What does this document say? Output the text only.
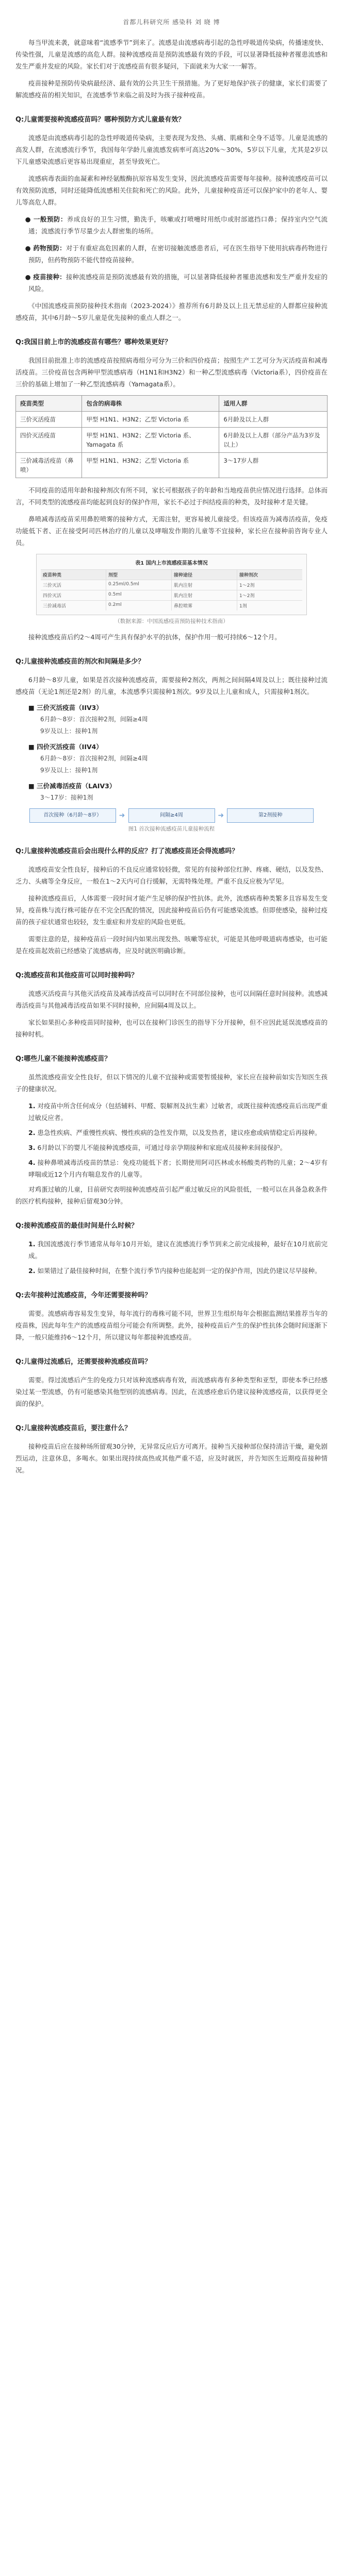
首都儿科研究所 感染科 刘 晓 博

每当甲流来袭，就意味着“流感季节”到来了。流感是由流感病毒引起的急性呼吸道传染病，传播速度快、传染性强，儿童是流感的高危人群。接种流感疫苗是预防流感最有效的手段，可以显著降低接种者罹患流感和发生严重并发症的风险。家长们对于流感疫苗有很多疑问，下面就来为大家一一解答。

疫苗接种是预防传染病最经济、最有效的公共卫生干预措施。为了更好地保护孩子的健康，家长们需要了解流感疫苗的相关知识，在流感季节来临之前及时为孩子接种疫苗。

Q:儿童需要接种流感疫苗吗？哪种预防方式儿童最有效？

流感是由流感病毒引起的急性呼吸道传染病，主要表现为发热、头痛、肌痛和全身不适等。儿童是流感的高发人群，在流感流行季节，我国每年学龄儿童流感发病率可高达20%～30%，5岁以下儿童，尤其是2岁以下儿童感染流感后更容易出现重症，甚至导致死亡。

流感病毒表面的血凝素和神经氨酸酶抗原容易发生变异，因此流感疫苗需要每年接种。接种流感疫苗可以有效预防流感，同时还能降低流感相关住院和死亡的风险。此外，儿童接种疫苗还可以保护家中的老年人、婴儿等高危人群。

● 一般预防：养成良好的卫生习惯，勤洗手，咳嗽或打喷嚏时用纸巾或肘部遮挡口鼻；保持室内空气流通；流感流行季节尽量少去人群密集的场所。
● 药物预防：对于有重症高危因素的人群，在密切接触流感患者后，可在医生指导下使用抗病毒药物进行预防，但药物预防不能代替疫苗接种。
● 疫苗接种：接种流感疫苗是预防流感最有效的措施，可以显著降低接种者罹患流感和发生严重并发症的风险。

《中国流感疫苗预防接种技术指南（2023-2024）》推荐所有6月龄及以上且无禁忌症的人群都应接种流感疫苗，其中6月龄～5岁儿童是优先接种的重点人群之一。

Q:我国目前上市的流感疫苗有哪些？哪种效果更好？

我国目前批准上市的流感疫苗按照病毒组分可分为三价和四价疫苗；按照生产工艺可分为灭活疫苗和减毒活疫苗。三价疫苗包含两种甲型流感病毒（H1N1和H3N2）和一种乙型流感病毒（Victoria系），四价疫苗在三价的基础上增加了一种乙型流感病毒（Yamagata系）。

疫苗类型	包含的病毒株	适用人群
三价灭活疫苗	甲型 H1N1、H3N2；乙型 Victoria 系	6月龄及以上人群
四价灭活疫苗	甲型 H1N1、H3N2；乙型 Victoria 系、Yamagata 系	6月龄及以上人群（部分产品为3岁及以上）
三价减毒活疫苗（鼻喷）	甲型 H1N1、H3N2；乙型 Victoria 系	3～17岁人群

不同疫苗的适用年龄和接种剂次有所不同，家长可根据孩子的年龄和当地疫苗供应情况进行选择。总体而言，不同类型的流感疫苗均能起到良好的保护作用，家长不必过于纠结疫苗的种类，及时接种才是关键。

鼻喷减毒活疫苗采用鼻腔喷雾的接种方式，无需注射，更容易被儿童接受。但该疫苗为减毒活疫苗，免疫功能低下者、正在接受阿司匹林治疗的儿童以及哮喘发作期的儿童等不宜接种，家长应在接种前咨询专业人员。

表1 国内上市流感疫苗基本情况
疫苗种类	剂型	接种途径	接种剂次
三价灭活	0.25ml/0.5ml	肌内注射	1～2剂
四价灭活	0.5ml	肌内注射	1～2剂
三价减毒活	0.2ml	鼻腔喷雾	1剂
（数据来源：中国流感疫苗预防接种技术指南）

接种流感疫苗后约2～4周可产生具有保护水平的抗体，保护作用一般可持续6～12个月。

Q:儿童接种流感疫苗的剂次和间隔是多少？

6月龄～8岁儿童，如果是首次接种流感疫苗，需要接种2剂次，两剂之间间隔4周及以上；既往接种过流感疫苗（无论1剂还是2剂）的儿童，本流感季只需接种1剂次。9岁及以上儿童和成人，只需接种1剂次。

■ 三价灭活疫苗（IIV3）
6月龄～8岁：首次接种2剂，间隔≥4周
9岁及以上：接种1剂
■ 四价灭活疫苗（IIV4）
6月龄～8岁：首次接种2剂，间隔≥4周
9岁及以上：接种1剂
■ 三价减毒活疫苗（LAIV3）
3～17岁：接种1剂
首次接种（6月龄～8岁）	➜	间隔≥4周	➜	第2剂接种
图1 首次接种流感疫苗儿童接种流程
Q:儿童接种流感疫苗后会出现什么样的反应？打了流感疫苗还会得流感吗？

流感疫苗安全性良好，接种后的不良反应通常较轻微，常见的有接种部位红肿、疼痛、硬结，以及发热、乏力、头痛等全身反应，一般在1～2天内可自行缓解，无需特殊处理。严重不良反应极为罕见。

接种流感疫苗后，人体需要一段时间才能产生足够的保护性抗体。此外，流感病毒种类繁多且容易发生变异，疫苗株与流行株可能存在不完全匹配的情况，因此接种疫苗后仍有可能感染流感。但即使感染，接种过疫苗的孩子症状通常也较轻，发生重症和并发症的风险也更低。

需要注意的是，接种疫苗后一段时间内如果出现发热、咳嗽等症状，可能是其他呼吸道病毒感染，也可能是在疫苗起效前已经感染了流感病毒，应及时就医明确诊断。

Q:流感疫苗和其他疫苗可以同时接种吗？

流感灭活疫苗与其他灭活疫苗及减毒活疫苗可以同时在不同部位接种，也可以间隔任意时间接种。流感减毒活疫苗与其他减毒活疫苗如果不同时接种，应间隔4周及以上。

家长如果担心多种疫苗同时接种，也可以在接种门诊医生的指导下分开接种，但不应因此延误流感疫苗的接种时机。

Q:哪些儿童不能接种流感疫苗？

虽然流感疫苗安全性良好，但以下情况的儿童不宜接种或需要暂缓接种，家长应在接种前如实告知医生孩子的健康状况。

1. 对疫苗中所含任何成分（包括辅料、甲醛、裂解剂及抗生素）过敏者，或既往接种流感疫苗后出现严重过敏反应者。
2. 患急性疾病、严重慢性疾病、慢性疾病的急性发作期，以及发热者，建议痊愈或病情稳定后再接种。
3. 6月龄以下的婴儿不能接种流感疫苗，可通过母亲孕期接种和家庭成员接种来间接保护。
4. 接种鼻喷减毒活疫苗的禁忌：免疫功能低下者；长期使用阿司匹林或水杨酸类药物的儿童；2～4岁有哮喘或近12个月内有喘息发作的儿童等。

对鸡蛋过敏的儿童，目前研究表明接种流感疫苗引起严重过敏反应的风险很低，一般可以在具备急救条件的医疗机构接种，接种后留观30分钟。

Q:接种流感疫苗的最佳时间是什么时候？
1. 我国流感流行季节通常从每年10月开始，建议在流感流行季节到来之前完成接种，最好在10月底前完成。
2. 如果错过了最佳接种时间，在整个流行季节内接种也能起到一定的保护作用，因此仍建议尽早接种。
Q:去年接种过流感疫苗，今年还需要接种吗？

需要。流感病毒容易发生变异，每年流行的毒株可能不同，世界卫生组织每年会根据监测结果推荐当年的疫苗株，因此每年生产的流感疫苗组分可能会有所调整。此外，接种疫苗后产生的保护性抗体会随时间逐渐下降，一般只能维持6～12个月，所以建议每年都接种流感疫苗。

Q:儿童得过流感后，还需要接种流感疫苗吗？

需要。得过流感后产生的免疫力只对该种流感病毒有效，而流感病毒有多种类型和亚型，即使本季已经感染过某一型流感，仍有可能感染其他型别的流感病毒。因此，在流感痊愈后仍建议接种流感疫苗，以获得更全面的保护。

Q:儿童接种流感疫苗后，要注意什么？

接种疫苗后应在接种场所留观30分钟，无异常反应后方可离开。接种当天接种部位保持清洁干燥，避免剧烈运动，注意休息，多喝水。如果出现持续高热或其他严重不适，应及时就医，并告知医生近期疫苗接种情况。
